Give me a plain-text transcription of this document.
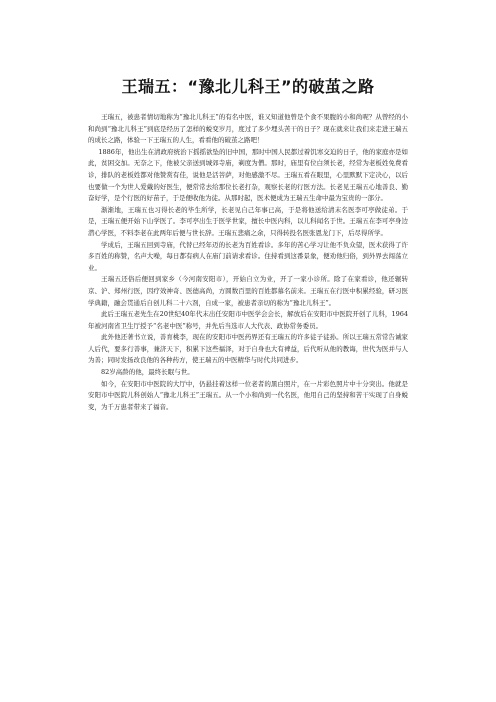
王瑞五：“豫北儿科王”的破茧之路

王瑞五，被患者情切地称为“豫北儿科王”的有名中医，谁又知道他曾是个食不果腹的小和尚呢？从曾经的小和尚到“豫北儿科王”到底是经历了怎样的蜕变岁月，度过了多少埋头苦干的日子？现在就来让我们来走进王瑞五的成长之路，体验一下王瑞五的人生，看看他的破茧之路吧！

1886年，他出生在清政府统治下摇摇欲坠的旧中国，那时中国人民都过着饥寒交迫的日子，他的家庭亦是如此，贫困交加。无奈之下，他被父亲送到城郊寺庙，剃度为僧。那时，庙里有位白须长老，经常为老板姓免费看诊，排队的老板姓都对他赞赏有佳，说他是活菩萨，对他感激不尽。王瑞五看在眼里，心里默默下定决心，以后也要做一个为世人爱戴的好医生，便常常去给那位长老打杂，观察长老的行医方法。长老见王瑞五心地善良、勤奋好学，是个行医的好苗子，于是便收他为徒。从那时起，医术便成为王瑞五生命中最为宝贵的一部分。

渐渐地，王瑞五也习得长老的毕生所学，长老见自己年事已高，于是将他送给清末名医李可亭做徒弟。于是，王瑞五便开始下山学医了。李可亭出生于医学世家，擅长中医内科，以儿科闻名于世。王瑞五在李可亭身边潜心学医，不料李老在此两年后便与世长辞。王瑞五悲痛之余，只得转投名医张恩龙门下，后尽得所学。

学成后，王瑞五回到寺庙，代替已经年迈的长老为百姓看诊。多年的苦心学习让他不负众望，医术获得了许多百姓的称赞，名声大噪，每日都有病人在庙门前请求看诊。住持看到这番景象，便劝他归俗，到外界去闯荡立业。

王瑞五还俗后便回到家乡（今河南安阳市），开始自立为业，开了一家小诊所。除了在家看诊，他还辗转京、沪、郑州行医，因疗效神奇、医德高尚，方圆数百里的百姓都慕名前来。王瑞五在行医中积累经验，研习医学典籍，融会贯通后自创儿科二十六剂，自成一家，被患者亲切的称为“豫北儿科王”。

此后王瑞五老先生在20世纪40年代末出任安阳市中医学会会长，解放后在安阳市中医院开创了儿科，1964年被河南省卫生厅授予“名老中医”称号，并先后当选市人大代表、政协常务委员。

此外他还著书立说，善育桃李，现在的安阳市中医药界还有王瑞五的许多徒子徒孙。所以王瑞五常常告诫家人后代，要多行善事，兼济天下，积累下这些福泽，对于自身也大有裨益，后代听从他的教诲，世代为医并与人为善；同时发扬改良他的各种药方，使王瑞五的中医精华与时代共同进步。

82岁高龄的他，最终长眠与世。

如今，在安阳市中医院的大厅中，仍悬挂着这样一位老者的黑白照片，在一片彩色照片中十分突出。他就是安阳市中医院儿科创始人“豫北儿科王”王瑞五。从一个小和尚到一代名医，他用自己的坚持和苦干实现了自身蜕变，为千万患者带来了福音。
